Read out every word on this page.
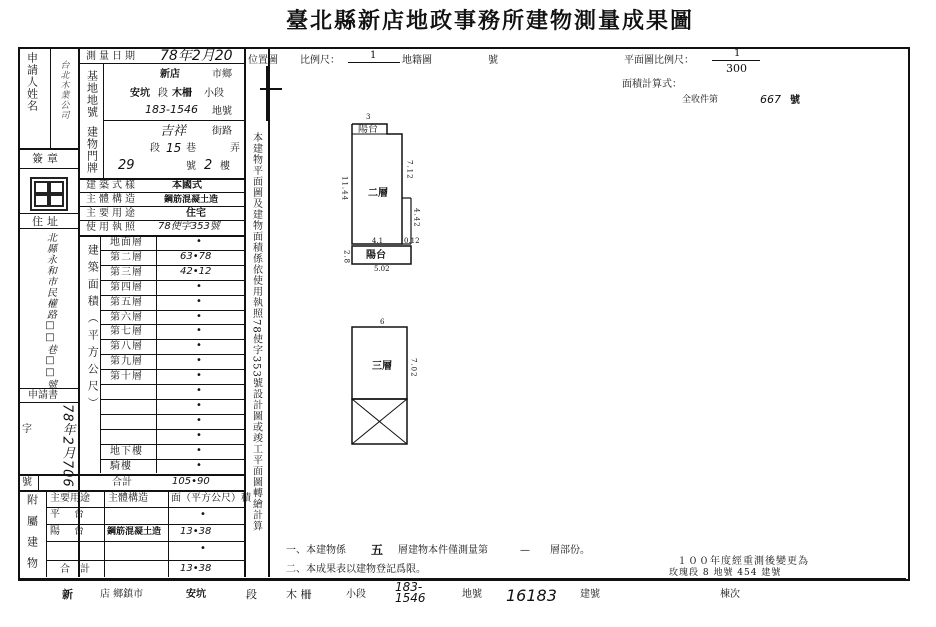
臺北縣新店地政事務所建物測量成果圖
地面層	•
第二層	63•78
第三層	42•12
第四層	•
第五層	•
第六層	•
第七層	•
第八層	•
第九層	•
第十層	•
•
•
•
•
地下樓	•
騎樓	•
申請人姓名 台北木業公司
簽章
住址
北縣永和市民權路□□巷□□號
申請書
字 78年2月706
號
測量日期 78年2月20
基地地號	新店	市鄉
安坑 段 木柵 小段
183-1546 地號
建物門牌	吉祥	街路
段 15 巷	弄
29	號 2 樓
建築式樣	本國式
主體構造	鋼筋混凝土造
主要用途	住宅
使用執照 78使字353號
建築面積（平方公尺）
合計	105•90
附屬建物 主要用途 主體構造 面（平方公尺）積
平台	•
陽台 鋼筋混凝土造 13•38
•
合計	13•38
本建物平面圖及建物面積係依使用執照78使字353號設計圖或竣工平面圖轉繪計算
位置圖 比例尺：	1	地籍圖	號	平面圖比例尺：
1
300
面積計算式：
全收件第	667 號
3
陽台
11.44
7.12
4.42
4.1	0.12
二層
陽台
2.8
5.02
6
7.02
三層
一、本建物係 五 層建物本件僅測量第	— 層部份。
二、本成果表以建物登記爲限。
１００年度經重測後變更為
玫瑰段 8 地號 454 建號
新	店 鄉鎮市	安坑	段	木 柵	小段
183-1546	地號 16183 建號	棟次
